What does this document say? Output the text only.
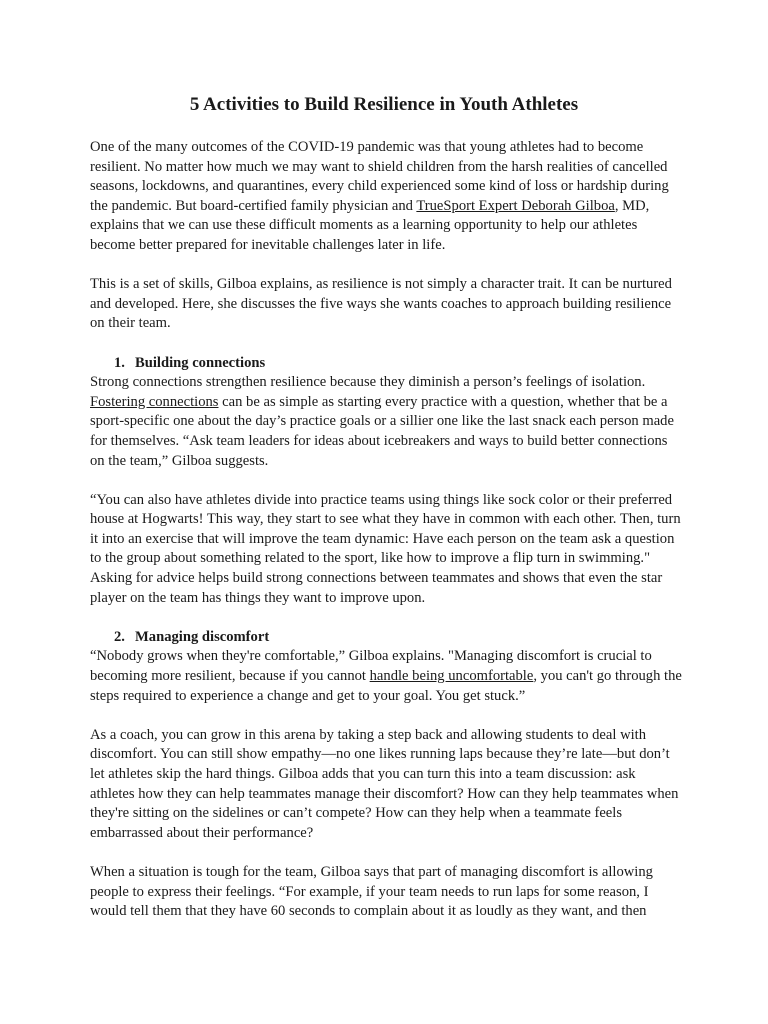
5 Activities to Build Resilience in Youth Athletes

One of the many outcomes of the COVID-19 pandemic was that young athletes had to become resilient. No matter how much we may want to shield children from the harsh realities of cancelled seasons, lockdowns, and quarantines, every child experienced some kind of loss or hardship during the pandemic. But board-certified family physician and TrueSport Expert Deborah Gilboa, MD, explains that we can use these difficult moments as a learning opportunity to help our athletes become better prepared for inevitable challenges later in life.

This is a set of skills, Gilboa explains, as resilience is not simply a character trait. It can be nurtured and developed. Here, she discusses the five ways she wants coaches to approach building resilience on their team.

1. Building connections

Strong connections strengthen resilience because they diminish a person’s feelings of isolation. Fostering connections can be as simple as starting every practice with a question, whether that be a sport-specific one about the day’s practice goals or a sillier one like the last snack each person made for themselves. “Ask team leaders for ideas about icebreakers and ways to build better connections on the team,” Gilboa suggests.

“You can also have athletes divide into practice teams using things like sock color or their preferred house at Hogwarts! This way, they start to see what they have in common with each other. Then, turn it into an exercise that will improve the team dynamic: Have each person on the team ask a question to the group about something related to the sport, like how to improve a flip turn in swimming." Asking for advice helps build strong connections between teammates and shows that even the star player on the team has things they want to improve upon.

2. Managing discomfort

“Nobody grows when they're comfortable,” Gilboa explains. "Managing discomfort is crucial to becoming more resilient, because if you cannot handle being uncomfortable, you can't go through the steps required to experience a change and get to your goal. You get stuck.”

As a coach, you can grow in this arena by taking a step back and allowing students to deal with discomfort. You can still show empathy—no one likes running laps because they’re late—but don’t let athletes skip the hard things. Gilboa adds that you can turn this into a team discussion: ask athletes how they can help teammates manage their discomfort? How can they help teammates when they're sitting on the sidelines or can’t compete? How can they help when a teammate feels embarrassed about their performance?

When a situation is tough for the team, Gilboa says that part of managing discomfort is allowing people to express their feelings. “For example, if your team needs to run laps for some reason, I would tell them that they have 60 seconds to complain about it as loudly as they want, and then
